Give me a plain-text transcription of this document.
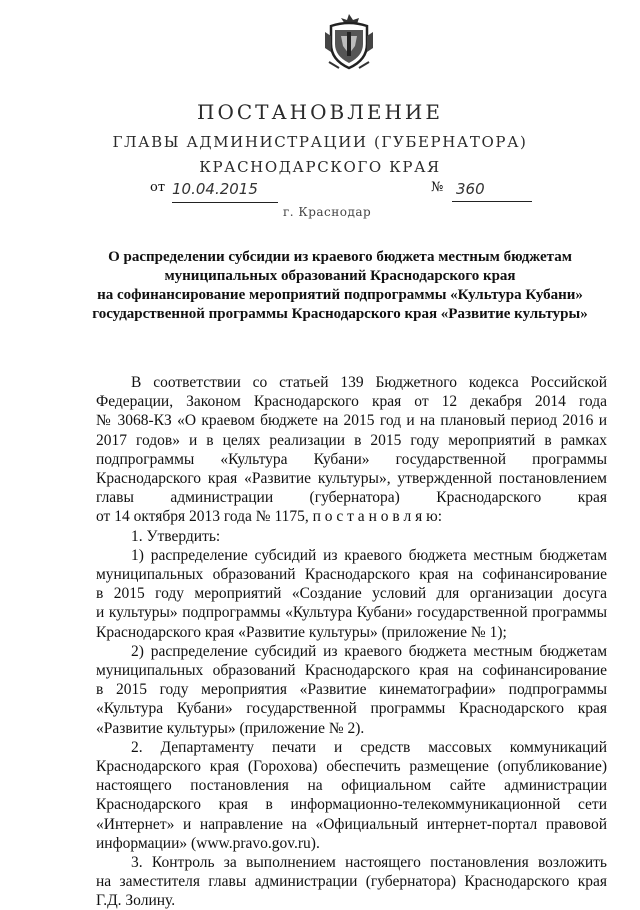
ПОСТАНОВЛЕНИЕ
ГЛАВЫ АДМИНИСТРАЦИИ (ГУБЕРНАТОРА)
КРАСНОДАРСКОГО КРАЯ
от 10.04.2015	№ 360
г. Краснодар
О распределении субсидии из краевого бюджета местным бюджетам
муниципальных образований Краснодарского края
на софинансирование мероприятий подпрограммы «Культура Кубани»
государственной программы Краснодарского края «Развитие культуры»
В соответствии со статьей 139 Бюджетного кодекса Российской
Федерации, Законом Краснодарского края от 12 декабря 2014 года
№ 3068-КЗ «О краевом бюджете на 2015 год и на плановый период 2016 и
2017 годов» и в целях реализации в 2015 году мероприятий в рамках
подпрограммы «Культура Кубани» государственной программы
Краснодарского края «Развитие культуры», утвержденной постановлением
главы администрации (губернатора) Краснодарского края
от 14 октября 2013 года № 1175, п о с т а н о в л я ю:
1. Утвердить:
1) распределение субсидий из краевого бюджета местным бюджетам
муниципальных образований Краснодарского края на софинансирование
в 2015 году мероприятий «Создание условий для организации досуга
и культуры» подпрограммы «Культура Кубани» государственной программы
Краснодарского края «Развитие культуры» (приложение № 1);
2) распределение субсидий из краевого бюджета местным бюджетам
муниципальных образований Краснодарского края на софинансирование
в 2015 году мероприятия «Развитие кинематографии» подпрограммы
«Культура Кубани» государственной программы Краснодарского края
«Развитие культуры» (приложение № 2).
2. Департаменту печати и средств массовых коммуникаций
Краснодарского края (Горохова) обеспечить размещение (опубликование)
настоящего постановления на официальном сайте администрации
Краснодарского края в информационно-телекоммуникационной сети
«Интернет» и направление на «Официальный интернет-портал правовой
информации» (www.pravo.gov.ru).
3. Контроль за выполнением настоящего постановления возложить
на заместителя главы администрации (губернатора) Краснодарского края
Г.Д. Золину.
